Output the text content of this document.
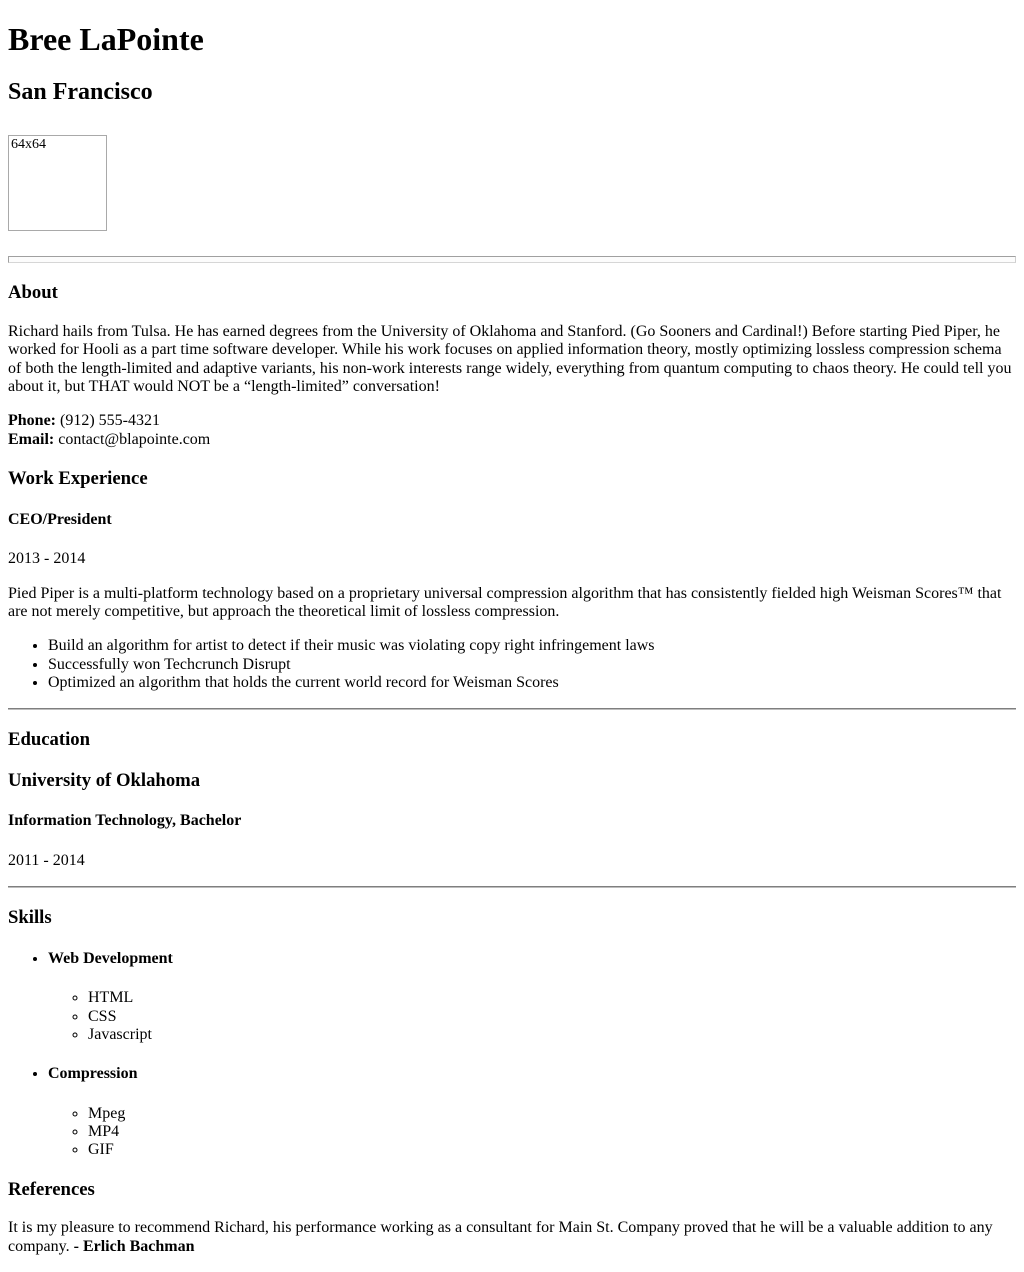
Bree LaPointe
San Francisco

64x64

About

Richard hails from Tulsa. He has earned degrees from the University of Oklahoma and Stanford. (Go Sooners and Cardinal!) Before starting Pied Piper, he worked for Hooli as a part time software developer. While his work focuses on applied information theory, mostly optimizing lossless compression schema of both the length-limited and adaptive variants, his non-work interests range widely, everything from quantum computing to chaos theory. He could tell you about it, but THAT would NOT be a “length-limited” conversation!

Phone: (912) 555-4321
Email: contact@blapointe.com

Work Experience
CEO/President

2013 - 2014

Pied Piper is a multi-platform technology based on a proprietary universal compression algorithm that has consistently fielded high Weisman Scores™ that are not merely competitive, but approach the theoretical limit of lossless compression.

• Build an algorithm for artist to detect if their music was violating copy right infringement laws
• Successfully won Techcrunch Disrupt
• Optimized an algorithm that holds the current world record for Weisman Scores
Education
University of Oklahoma
Information Technology, Bachelor

2011 - 2014

Skills
• Web Development
◦ HTML
◦ CSS
◦ Javascript
• Compression
◦ Mpeg
◦ MP4
◦ GIF
References

It is my pleasure to recommend Richard, his performance working as a consultant for Main St. Company proved that he will be a valuable addition to any company. - Erlich Bachman
